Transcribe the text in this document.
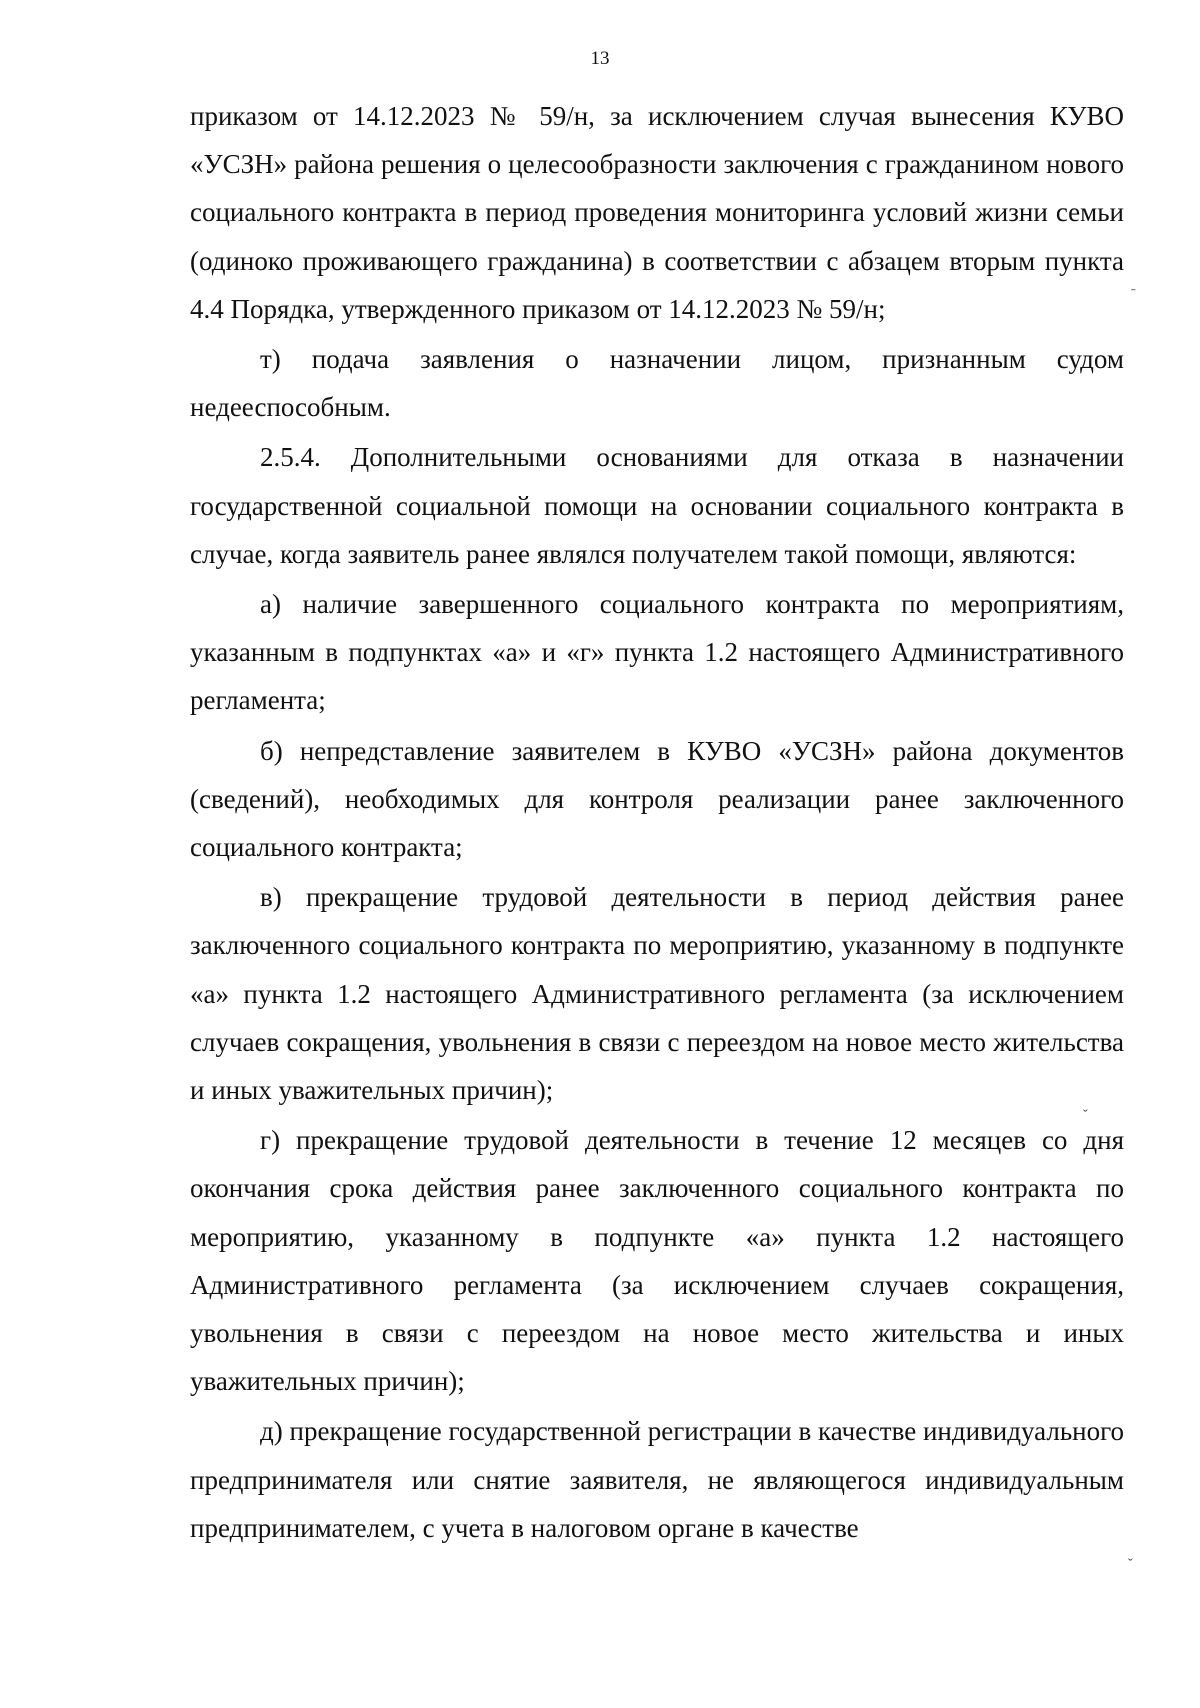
13

приказом от 14.12.2023 № 59/н, за исключением случая вынесения КУВО «УСЗН» района решения о целесообразности заключения с гражданином нового социального контракта в период проведения мониторинга условий жизни семьи (одиноко проживающего гражданина) в соответствии с абзацем вторым пункта 4.4 Порядка, утвержденного приказом от 14.12.2023 № 59/н;

т) подача заявления о назначении лицом, признанным судом недееспособным.

2.5.4. Дополнительными основаниями для отказа в назначении государственной социальной помощи на основании социального контракта в случае, когда заявитель ранее являлся получателем такой помощи, являются:

а) наличие завершенного социального контракта по мероприятиям, указанным в подпунктах «а» и «г» пункта 1.2 настоящего Административного регламента;

б) непредставление заявителем в КУВО «УСЗН» района документов (сведений), необходимых для контроля реализации ранее заключенного социального контракта;

в) прекращение трудовой деятельности в период действия ранее заключенного социального контракта по мероприятию, указанному в подпункте «а» пункта 1.2 настоящего Административного регламента (за исключением случаев сокращения, увольнения в связи с переездом на новое место жительства и иных уважительных причин);

г) прекращение трудовой деятельности в течение 12 месяцев со дня окончания срока действия ранее заключенного социального контракта по мероприятию, указанному в подпункте «а» пункта 1.2 настоящего Административного регламента (за исключением случаев сокращения, увольнения в связи с переездом на новое место жительства и иных уважительных причин);

д) прекращение государственной регистрации в качестве индивидуального предпринимателя или снятие заявителя, не являющегося индивидуальным предпринимателем, с учета в налоговом органе в качестве

ˉ
ˇ
ˇ
